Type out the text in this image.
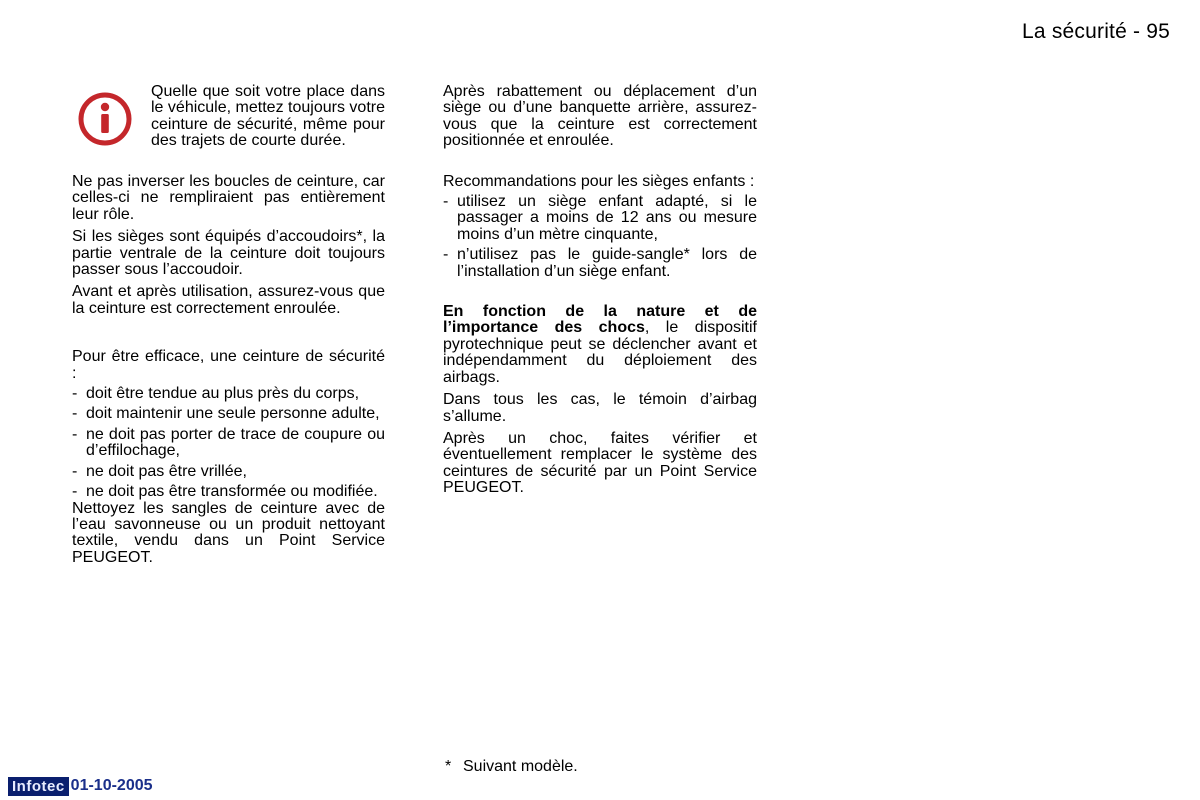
La sécurité - 95

Quelle que soit votre place dans le véhicule, mettez toujours votre ceinture de sécurité, même pour des trajets de courte durée.

Ne pas inverser les boucles de ceinture, car celles-ci ne rempliraient pas entièrement leur rôle.

Si les sièges sont équipés d’accoudoirs*, la partie ventrale de la ceinture doit toujours passer sous l’accoudoir.

Avant et après utilisation, assurez-vous que la ceinture est correctement enroulée.

Pour être efficace, une ceinture de sécurité :

- doit être tendue au plus près du corps,
- doit maintenir une seule personne adulte,
- ne doit pas porter de trace de coupure ou d’effilochage,
- ne doit pas être vrillée,
- ne doit pas être transformée ou modifiée.

Nettoyez les sangles de ceinture avec de l’eau savonneuse ou un produit nettoyant textile, vendu dans un Point Service PEUGEOT.

Après rabattement ou déplacement d’un siège ou d’une banquette arrière, assurez-vous que la ceinture est correctement positionnée et enroulée.

Recommandations pour les sièges enfants :

- utilisez un siège enfant adapté, si le passager a moins de 12 ans ou mesure moins d’un mètre cinquante,
- n’utilisez pas le guide-sangle* lors de l’installation d’un siège enfant.

En fonction de la nature et de l’importance des chocs, le dispositif pyrotechnique peut se déclencher avant et indépendamment du déploiement des airbags.

Dans tous les cas, le témoin d’airbag s’allume.

Après un choc, faites vérifier et éventuellement remplacer le système des ceintures de sécurité par un Point Service PEUGEOT.

* Suivant modèle.
Infotec 01-10-2005
